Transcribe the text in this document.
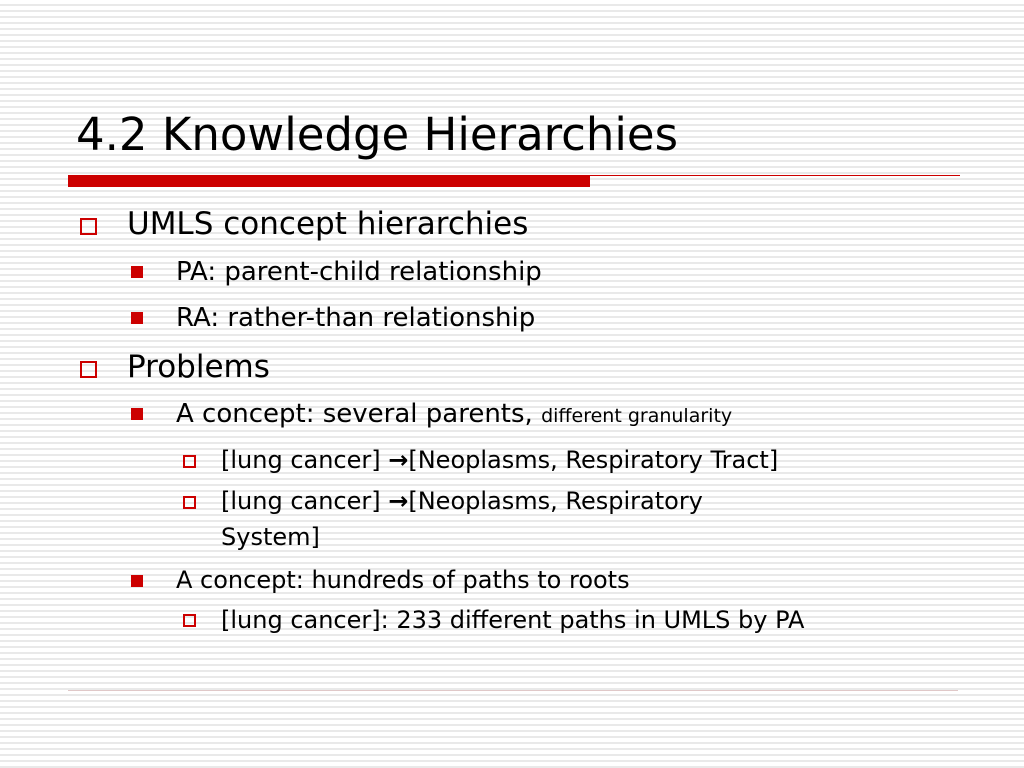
4.2 Knowledge Hierarchies
UMLS concept hierarchies
PA: parent-child relationship
RA: rather-than relationship
Problems
A concept: several parents, different granularity
[lung cancer] →[Neoplasms, Respiratory Tract]
[lung cancer] →[Neoplasms, Respiratory
System]
A concept: hundreds of paths to roots
[lung cancer]: 233 different paths in UMLS by PA
